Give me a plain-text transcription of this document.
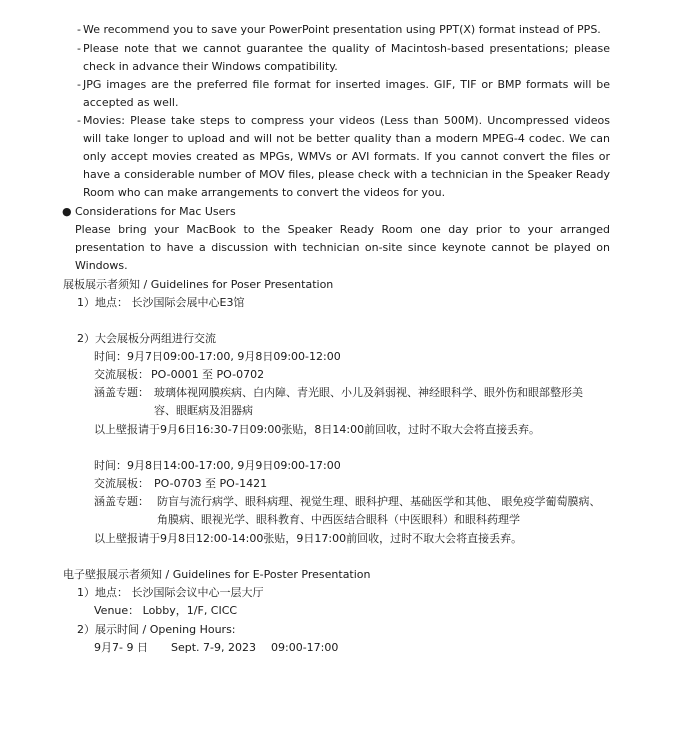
- We recommend you to save your PowerPoint presentation using PPT(X) format instead of PPS.
- Please note that we cannot guarantee the quality of Macintosh-based presentations; please check in advance their Windows compatibility.
- JPG images are the preferred file format for inserted images. GIF, TIF or BMP formats will be accepted as well.
- Movies: Please take steps to compress your videos (Less than 500M). Uncompressed videos will take longer to upload and will not be better quality than a modern MPEG-4 codec. We can only accept movies created as MPGs, WMVs or AVI formats. If you cannot convert the files or have a considerable number of MOV files, please check with a technician in the Speaker Ready Room who can make arrangements to convert the videos for you.
● Considerations for Mac Users
Please bring your MacBook to the Speaker Ready Room one day prior to your arranged presentation to have a discussion with technician on-site since keynote cannot be played on Windows.
展板展示者须知 / Guidelines for Poser Presentation
1）地点： 长沙国际会展中心E3馆
2）大会展板分两组进行交流
时间：9月7日09:00-17:00, 9月8日09:00-12:00
交流展板： PO-0001 至 PO-0702
涵盖专题： 玻璃体视网膜疾病、白内障、青光眼、小儿及斜弱视、神经眼科学、眼外伤和眼部整形美容、眼眶病及泪器病
以上壁报请于9月6日16:30-7日09:00张贴，8日14:00前回收，过时不取大会将直接丢弃。
时间：9月8日14:00-17:00, 9月9日09:00-17:00
交流展板： PO-0703 至 PO-1421
涵盖专题： 防盲与流行病学、眼科病理、视觉生理、眼科护理、基础医学和其他、 眼免疫学葡萄膜病、角膜病、眼视光学、眼科教育、中西医结合眼科（中医眼科）和眼科药理学
以上壁报请于9月8日12:00-14:00张贴，9日17:00前回收，过时不取大会将直接丢弃。
电子壁报展示者须知 / Guidelines for E-Poster Presentation
1）地点： 长沙国际会议中心一层大厅
Venue： Lobby，1/F, CICC
2）展示时间 / Opening Hours:
9月7- 9 日 Sept. 7-9, 2023 09:00-17:00
